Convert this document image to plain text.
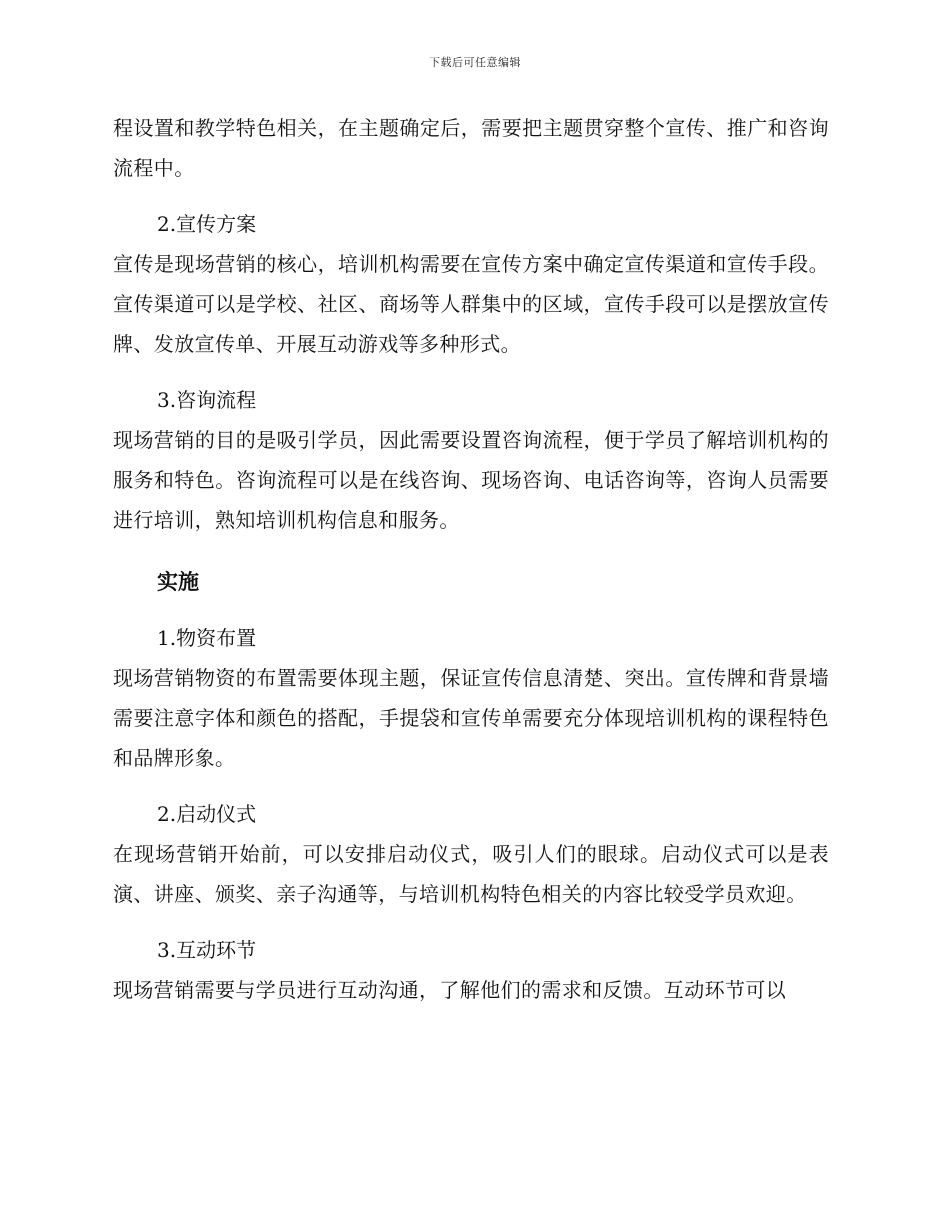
下载后可任意编辑

程设置和教学特色相关，在主题确定后，需要把主题贯穿整个宣传、推广和咨询流程中。

2.宣传方案

宣传是现场营销的核心，培训机构需要在宣传方案中确定宣传渠道和宣传手段。宣传渠道可以是学校、社区、商场等人群集中的区域，宣传手段可以是摆放宣传牌、发放宣传单、开展互动游戏等多种形式。

3.咨询流程

现场营销的目的是吸引学员，因此需要设置咨询流程，便于学员了解培训机构的服务和特色。咨询流程可以是在线咨询、现场咨询、电话咨询等，咨询人员需要进行培训，熟知培训机构信息和服务。

实施

1.物资布置

现场营销物资的布置需要体现主题，保证宣传信息清楚、突出。宣传牌和背景墙需要注意字体和颜色的搭配，手提袋和宣传单需要充分体现培训机构的课程特色和品牌形象。

2.启动仪式

在现场营销开始前，可以安排启动仪式，吸引人们的眼球。启动仪式可以是表演、讲座、颁奖、亲子沟通等，与培训机构特色相关的内容比较受学员欢迎。

3.互动环节

现场营销需要与学员进行互动沟通，了解他们的需求和反馈。互动环节可以
